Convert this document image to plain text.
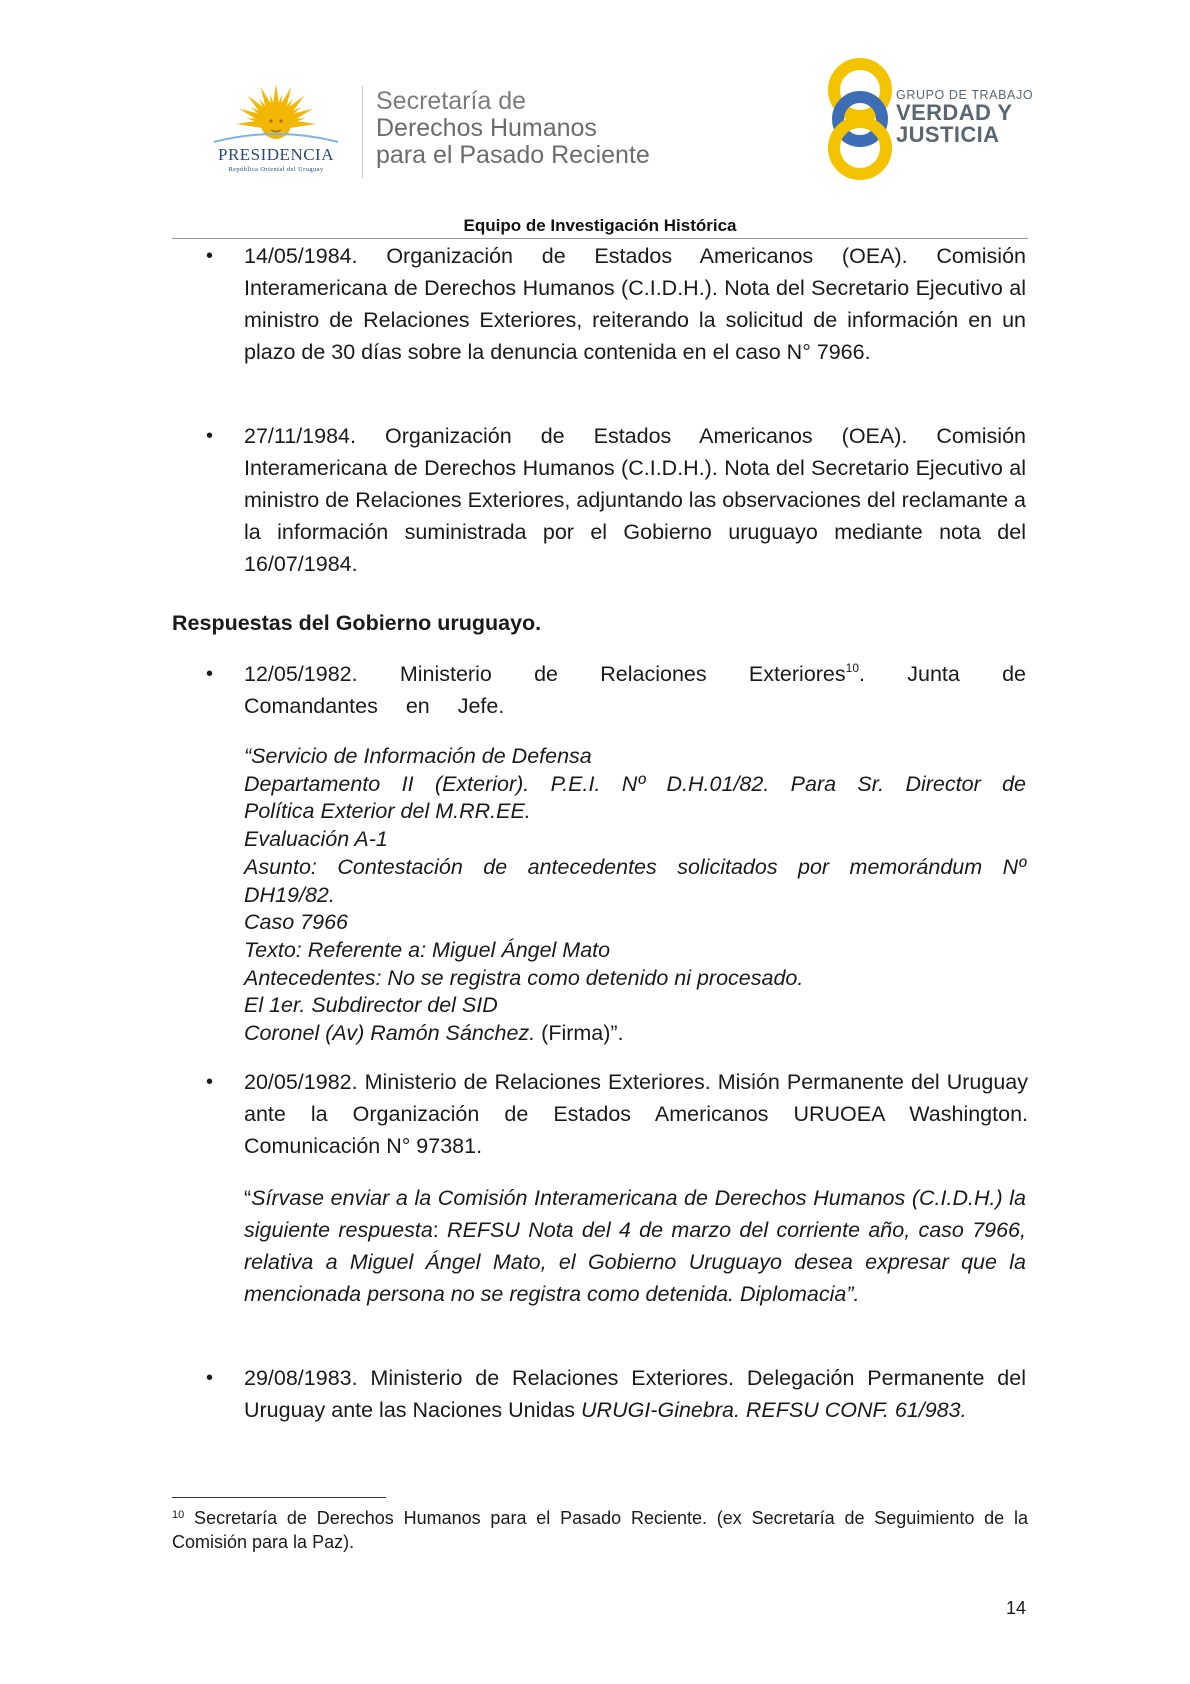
PRESIDENCIA
República Oriental del Uruguay
Secretaría de
Derechos Humanos
para el Pasado Reciente
GRUPO DE TRABAJO
VERDAD Y
JUSTICIA
Equipo de Investigación Histórica
• 14/05/1984. Organización de Estados Americanos (OEA). Comisión Interamericana de Derechos Humanos (C.I.D.H.). Nota del Secretario Ejecutivo al ministro de Relaciones Exteriores, reiterando la solicitud de información en un plazo de 30 días sobre la denuncia contenida en el caso N° 7966.
• 27/11/1984. Organización de Estados Americanos (OEA). Comisión Interamericana de Derechos Humanos (C.I.D.H.). Nota del Secretario Ejecutivo al ministro de Relaciones Exteriores, adjuntando las observaciones del reclamante a la información suministrada por el Gobierno uruguayo mediante nota del 16/07/1984.
Respuestas del Gobierno uruguayo.
• 12/05/1982. Ministerio de Relaciones Exteriores$^{10}$. Junta de Comandantes en Jefe.
“Servicio de Información de Defensa
Departamento II (Exterior). P.E.I. Nº D.H.01/82. Para Sr. Director de
Política Exterior del M.RR.EE.
Evaluación A-1
Asunto: Contestación de antecedentes solicitados por memorándum Nº
DH19/82.
Caso 7966
Texto: Referente a: Miguel Ángel Mato
Antecedentes: No se registra como detenido ni procesado.
El 1er. Subdirector del SID
Coronel (Av) Ramón Sánchez. (Firma)”.
• 20/05/1982. Ministerio de Relaciones Exteriores. Misión Permanente del Uruguay ante la Organización de Estados Americanos URUOEA Washington. Comunicación N° 97381.
“Sírvase enviar a la Comisión Interamericana de Derechos Humanos (C.I.D.H.) la siguiente respuesta: REFSU Nota del 4 de marzo del corriente año, caso 7966, relativa a Miguel Ángel Mato, el Gobierno Uruguayo desea expresar que la mencionada persona no se registra como detenida. Diplomacia”.
• 29/08/1983. Ministerio de Relaciones Exteriores. Delegación Permanente del Uruguay ante las Naciones Unidas URUGI-Ginebra. REFSU CONF. 61/983.
$^{10}$ Secretaría de Derechos Humanos para el Pasado Reciente. (ex Secretaría de Seguimiento de la Comisión para la Paz).
14
